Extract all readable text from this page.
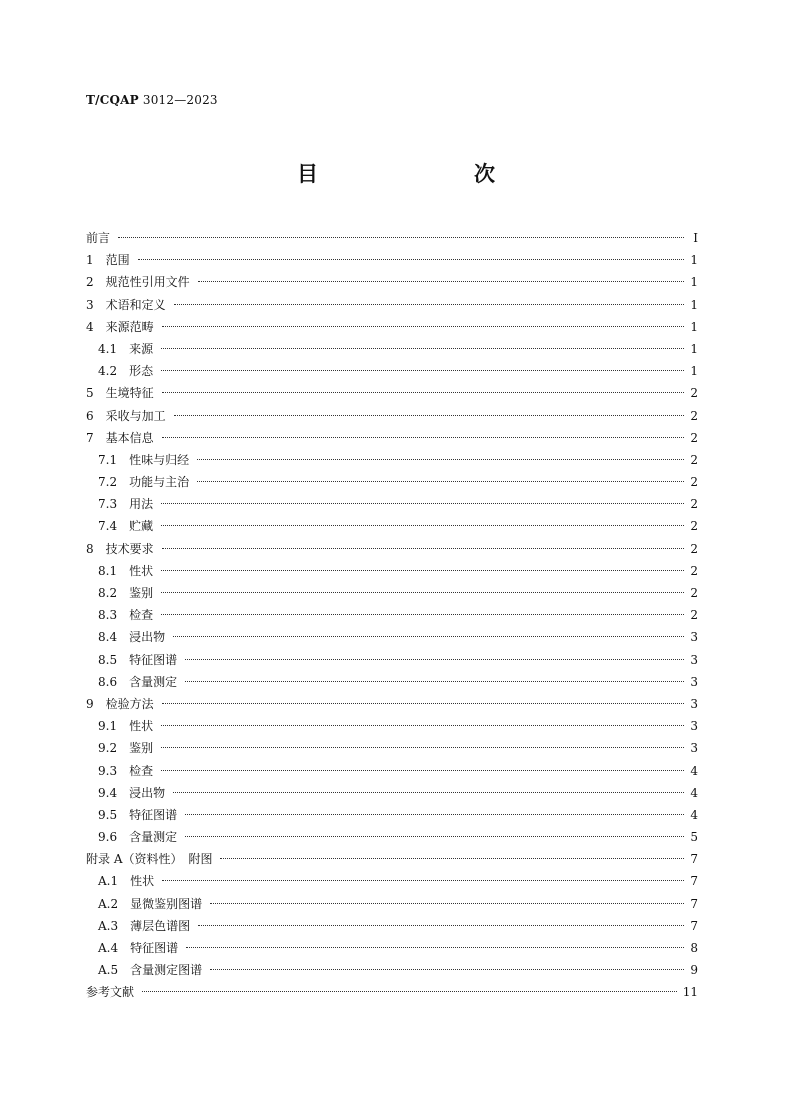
T/CQAP 3012—2023
目　　次
前言	I
1	范围	1
2	规范性引用文件	1
3	术语和定义	1
4	来源范畴	1
4.1	来源	1
4.2	形态	1
5	生境特征	2
6	采收与加工	2
7	基本信息	2
7.1	性味与归经	2
7.2	功能与主治	2
7.3	用法	2
7.4	贮藏	2
8	技术要求	2
8.1	性状	2
8.2	鉴别	2
8.3	检查	2
8.4	浸出物	3
8.5	特征图谱	3
8.6	含量测定	3
9	检验方法	3
9.1	性状	3
9.2	鉴别	3
9.3	检查	4
9.4	浸出物	4
9.5	特征图谱	4
9.6	含量测定	5
附录 A（资料性）　附图	7
A.1	性状	7
A.2	显微鉴别图谱	7
A.3	薄层色谱图	7
A.4	特征图谱	8
A.5	含量测定图谱	9
参考文献	11
